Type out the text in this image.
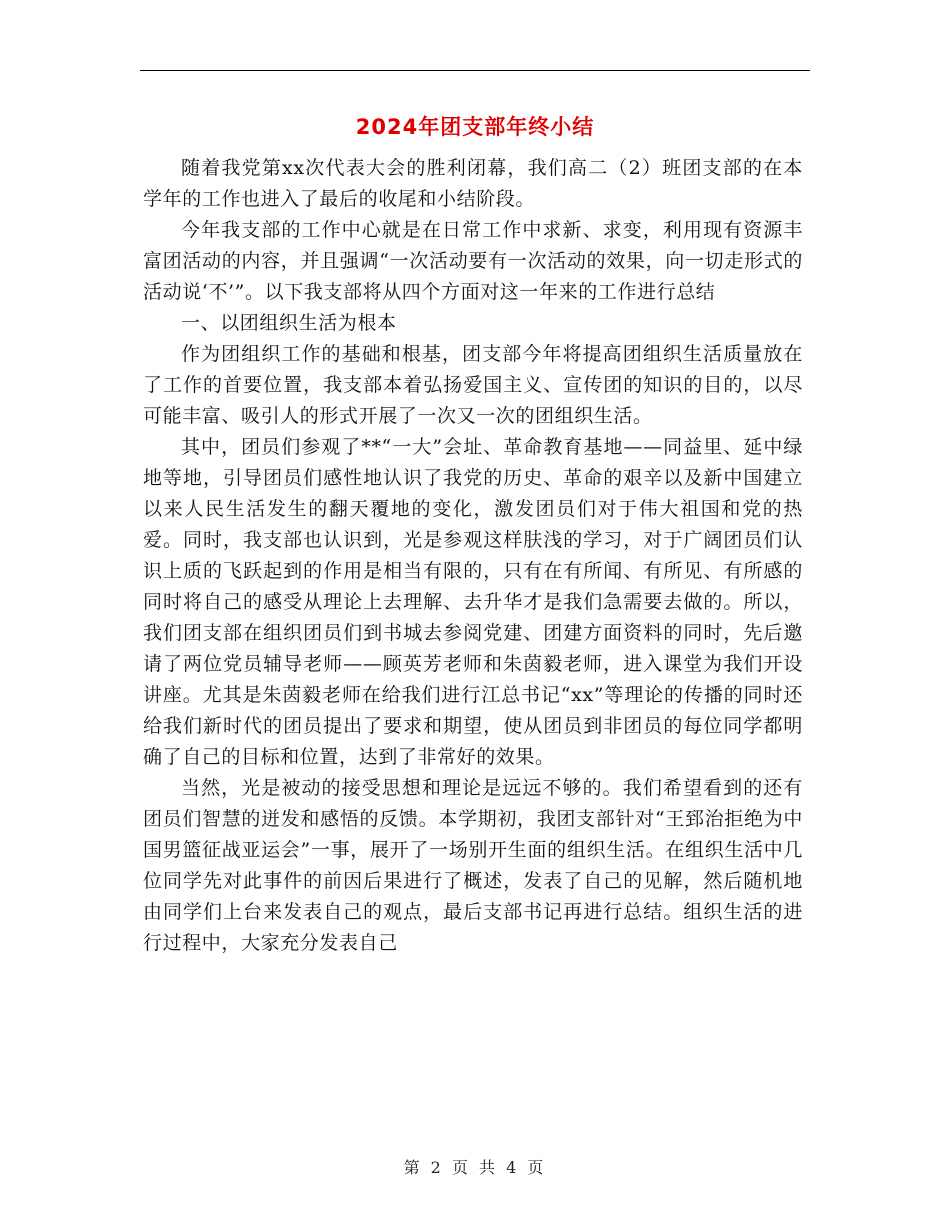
2024年团支部年终小结

随着我党第xx次代表大会的胜利闭幕，我们高二（2）班团支部的在本学年的工作也进入了最后的收尾和小结阶段。

今年我支部的工作中心就是在日常工作中求新、求变，利用现有资源丰富团活动的内容，并且强调“一次活动要有一次活动的效果，向一切走形式的活动说‘不’”。以下我支部将从四个方面对这一年来的工作进行总结

一、以团组织生活为根本

作为团组织工作的基础和根基，团支部今年将提高团组织生活质量放在了工作的首要位置，我支部本着弘扬爱国主义、宣传团的知识的目的，以尽可能丰富、吸引人的形式开展了一次又一次的团组织生活。

其中，团员们参观了**“一大”会址、革命教育基地——同益里、延中绿地等地，引导团员们感性地认识了我党的历史、革命的艰辛以及新中国建立以来人民生活发生的翻天覆地的变化，激发团员们对于伟大祖国和党的热爱。同时，我支部也认识到，光是参观这样肤浅的学习，对于广阔团员们认识上质的飞跃起到的作用是相当有限的，只有在有所闻、有所见、有所感的同时将自己的感受从理论上去理解、去升华才是我们急需要去做的。所以，我们团支部在组织团员们到书城去参阅党建、团建方面资料的同时，先后邀请了两位党员辅导老师——顾英芳老师和朱茵毅老师，进入课堂为我们开设讲座。尤其是朱茵毅老师在给我们进行江总书记“xx”等理论的传播的同时还给我们新时代的团员提出了要求和期望，使从团员到非团员的每位同学都明确了自己的目标和位置，达到了非常好的效果。

当然，光是被动的接受思想和理论是远远不够的。我们希望看到的还有团员们智慧的迸发和感悟的反馈。本学期初，我团支部针对“王郅治拒绝为中国男篮征战亚运会”一事，展开了一场别开生面的组织生活。在组织生活中几位同学先对此事件的前因后果进行了概述，发表了自己的见解，然后随机地由同学们上台来发表自己的观点，最后支部书记再进行总结。组织生活的进行过程中，大家充分发表自己

第 2 页 共 4 页
